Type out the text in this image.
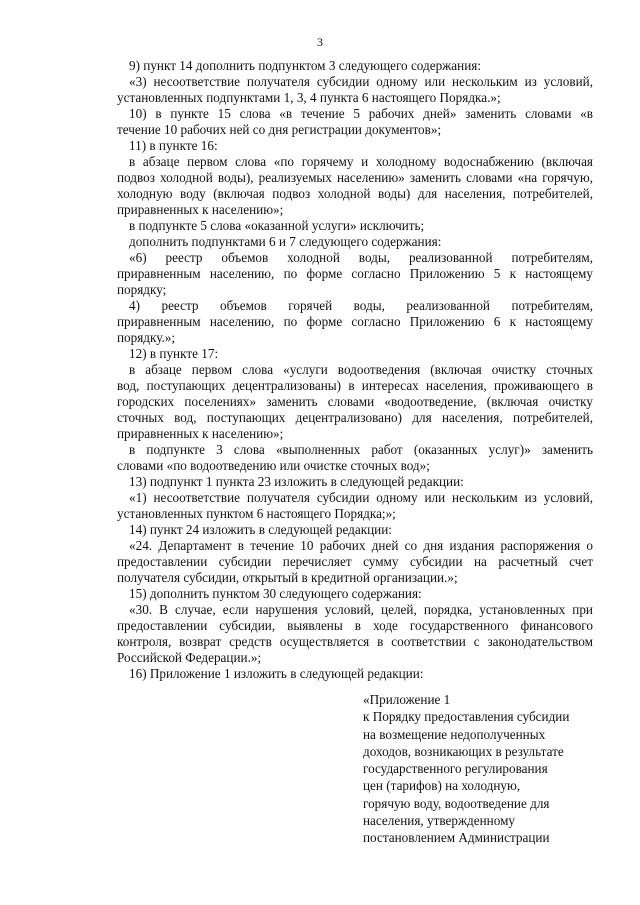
3
9) пункт 14 дополнить подпунктом 3 следующего содержания:
«3) несоответствие получателя субсидии одному или нескольким из условий,
установленных подпунктами 1, 3, 4 пункта 6 настоящего Порядка.»;
10) в пункте 15 слова «в течение 5 рабочих дней» заменить словами «в
течение 10 рабочих ней со дня регистрации документов»;
11) в пункте 16:
в абзаце первом слова «по горячему и холодному водоснабжению (включая
подвоз холодной воды), реализуемых населению» заменить словами «на горячую,
холодную воду (включая подвоз холодной воды) для населения, потребителей,
приравненных к населению»;
в подпункте 5 слова «оказанной услуги» исключить;
дополнить подпунктами 6 и 7 следующего содержания:
«6) реестр объемов холодной воды, реализованной потребителям,
приравненным населению, по форме согласно Приложению 5 к настоящему
порядку;
4) реестр объемов горячей воды, реализованной потребителям,
приравненным населению, по форме согласно Приложению 6 к настоящему
порядку.»;
12) в пункте 17:
в абзаце первом слова «услуги водоотведения (включая очистку сточных
вод, поступающих децентрализованы) в интересах населения, проживающего в
городских поселениях» заменить словами «водоотведение, (включая очистку
сточных вод, поступающих децентрализовано) для населения, потребителей,
приравненных к населению»;
в подпункте 3 слова «выполненных работ (оказанных услуг)» заменить
словами «по водоотведению или очистке сточных вод»;
13) подпункт 1 пункта 23 изложить в следующей редакции:
«1) несоответствие получателя субсидии одному или нескольким из условий,
установленных пунктом 6 настоящего Порядка;»;
14) пункт 24 изложить в следующей редакции:
«24. Департамент в течение 10 рабочих дней со дня издания распоряжения о
предоставлении субсидии перечисляет сумму субсидии на расчетный счет
получателя субсидии, открытый в кредитной организации.»;
15) дополнить пунктом 30 следующего содержания:
«30. В случае, если нарушения условий, целей, порядка, установленных при
предоставлении субсидии, выявлены в ходе государственного финансового
контроля, возврат средств осуществляется в соответствии с законодательством
Российской Федерации.»;
16) Приложение 1 изложить в следующей редакции:
«Приложение 1
к Порядку предоставления субсидии
на возмещение недополученных
доходов, возникающих в результате
государственного регулирования
цен (тарифов) на холодную,
горячую воду, водоотведение для
населения, утвержденному
постановлением Администрации
